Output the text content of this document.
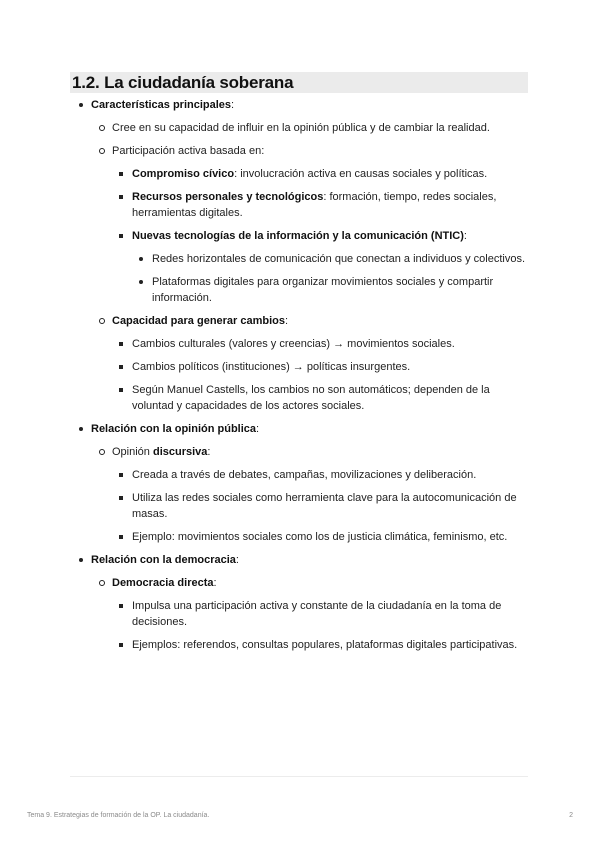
1.2. La ciudadanía soberana
Características principales:
Cree en su capacidad de influir en la opinión pública y de cambiar la realidad.
Participación activa basada en:
Compromiso cívico: involucración activa en causas sociales y políticas.
Recursos personales y tecnológicos: formación, tiempo, redes sociales, herramientas digitales.
Nuevas tecnologías de la información y la comunicación (NTIC):
Redes horizontales de comunicación que conectan a individuos y colectivos.
Plataformas digitales para organizar movimientos sociales y compartir información.
Capacidad para generar cambios:
Cambios culturales (valores y creencias) → movimientos sociales.
Cambios políticos (instituciones) → políticas insurgentes.
Según Manuel Castells, los cambios no son automáticos; dependen de la voluntad y capacidades de los actores sociales.
Relación con la opinión pública:
Opinión discursiva:
Creada a través de debates, campañas, movilizaciones y deliberación.
Utiliza las redes sociales como herramienta clave para la autocomunicación de masas.
Ejemplo: movimientos sociales como los de justicia climática, feminismo, etc.
Relación con la democracia:
Democracia directa:
Impulsa una participación activa y constante de la ciudadanía en la toma de decisiones.
Ejemplos: referendos, consultas populares, plataformas digitales participativas.
Tema 9. Estrategias de formación de la OP. La ciudadanía.	2
